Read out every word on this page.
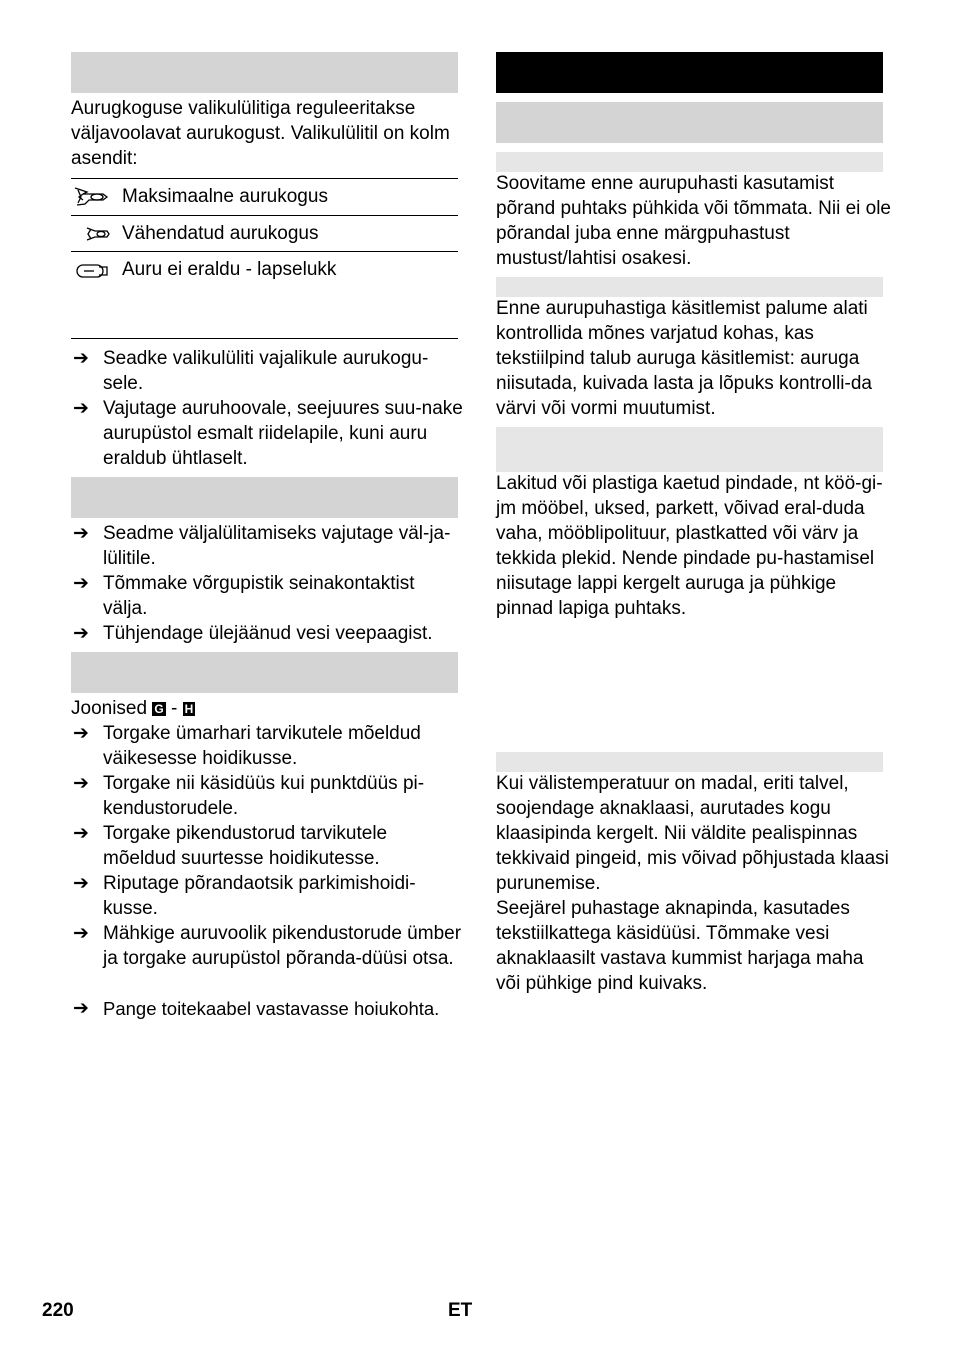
Aurugkoguse valikulülitiga reguleeritakse väljavoolavat aurukogust. Valikulülitil on kolm asendit:

Maksimaalne aurukogus
Vähendatud aurukogus
Auru ei eraldu - lapselukk
➔ Seadke valikulüliti vajalikule aurukogu-sele.

➔ Vajutage auruhoovale, seejuures suu-nake aurupüstol esmalt riidelapile, kuni auru eraldub ühtlaselt.

➔ Seadme väljalülitamiseks vajutage väl-ja-lülitile.

➔ Tõmmake võrgupistik seinakontaktist välja.

➔ Tühjendage ülejäänud vesi veepaagist.

Joonised G - H
➔ Torgake ümarhari tarvikutele mõeldud väikesesse hoidikusse.

➔ Torgake nii käsidüüs kui punktdüüs pi-kendustorudele.

➔ Torgake pikendustorud tarvikutele mõeldud suurtesse hoidikutesse.

➔ Riputage põrandaotsik parkimishoidi-kusse.

➔ Mähkige auruvoolik pikendustorude ümber ja torgake aurupüstol põranda-düüsi otsa.

➔ Pange toitekaabel vastavasse hoiukohta.

Soovitame enne aurupuhasti kasutamist põrand puhtaks pühkida või tõmmata. Nii ei ole põrandal juba enne märgpuhastust mustust/lahtisi osakesi.

Enne aurupuhastiga käsitlemist palume alati kontrollida mõnes varjatud kohas, kas tekstiilpind talub auruga käsitlemist: auruga niisutada, kuivada lasta ja lõpuks kontrolli-da värvi või vormi muutumist.

Lakitud või plastiga kaetud pindade, nt köö-gi- jm mööbel, uksed, parkett, võivad eral-duda vaha, mööblipolituur, plastkatted või värv ja tekkida plekid. Nende pindade pu-hastamisel niisutage lappi kergelt auruga ja pühkige pinnad lapiga puhtaks.

Kui välistemperatuur on madal, eriti talvel, soojendage aknaklaasi, aurutades kogu klaasipinda kergelt. Nii väldite pealispinnas tekkivaid pingeid, mis võivad põhjustada klaasi purunemise.

Seejärel puhastage aknapinda, kasutades tekstiilkattega käsidüüsi. Tõmmake vesi aknaklaasilt vastava kummist harjaga maha või pühkige pind kuivaks.

220	ET
